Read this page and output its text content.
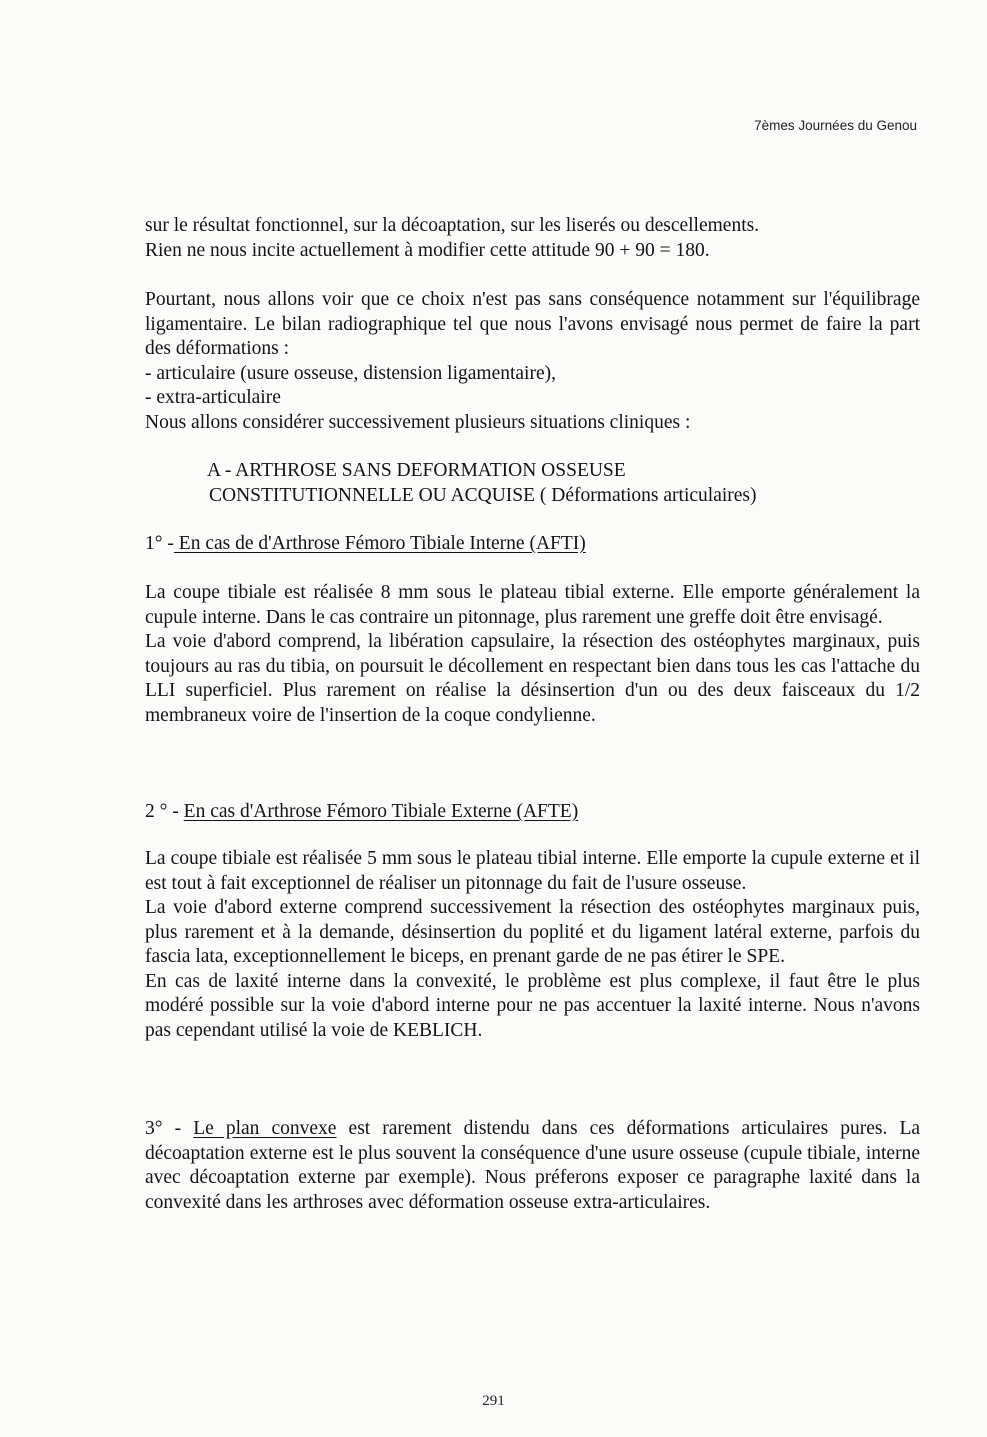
7èmes Journées du Genou

sur le résultat fonctionnel, sur la décoaptation, sur les liserés ou descellements.

Rien ne nous incite actuellement à modifier cette attitude 90 + 90 = 180.

Pourtant, nous allons voir que ce choix n'est pas sans conséquence notamment sur l'équilibrage ligamentaire. Le bilan radiographique tel que nous l'avons envisagé nous permet de faire la part des déformations :

- articulaire (usure osseuse, distension ligamentaire),

- extra-articulaire

Nous allons considérer successivement plusieurs situations cliniques :

A - ARTHROSE SANS DEFORMATION OSSEUSE

CONSTITUTIONNELLE OU ACQUISE ( Déformations articulaires)

1° - En cas de d'Arthrose Fémoro Tibiale Interne (AFTI)

La coupe tibiale est réalisée 8 mm sous le plateau tibial externe. Elle emporte généralement la cupule interne. Dans le cas contraire un pitonnage, plus rarement une greffe doit être envisagé.

La voie d'abord comprend, la libération capsulaire, la résection des ostéophytes marginaux, puis toujours au ras du tibia, on poursuit le décollement en respectant bien dans tous les cas l'attache du LLI superficiel. Plus rarement on réalise la désinsertion d'un ou des deux faisceaux du 1/2 membraneux voire de l'insertion de la coque condylienne.

2 ° - En cas d'Arthrose Fémoro Tibiale Externe (AFTE)

La coupe tibiale est réalisée 5 mm sous le plateau tibial interne. Elle emporte la cupule externe et il est tout à fait exceptionnel de réaliser un pitonnage du fait de l'usure osseuse.

La voie d'abord externe comprend successivement la résection des ostéophytes marginaux puis, plus rarement et à la demande, désinsertion du poplité et du ligament latéral externe, parfois du fascia lata, exceptionnellement le biceps, en prenant garde de ne pas étirer le SPE.

En cas de laxité interne dans la convexité, le problème est plus complexe, il faut être le plus modéré possible sur la voie d'abord interne pour ne pas accentuer la laxité interne. Nous n'avons pas cependant utilisé la voie de KEBLICH.

3° - Le plan convexe est rarement distendu dans ces déformations articulaires pures. La décoaptation externe est le plus souvent la conséquence d'une usure osseuse (cupule tibiale, interne avec décoaptation externe par exemple). Nous préferons exposer ce paragraphe laxité dans la convexité dans les arthroses avec déformation osseuse extra-articulaires.

291
